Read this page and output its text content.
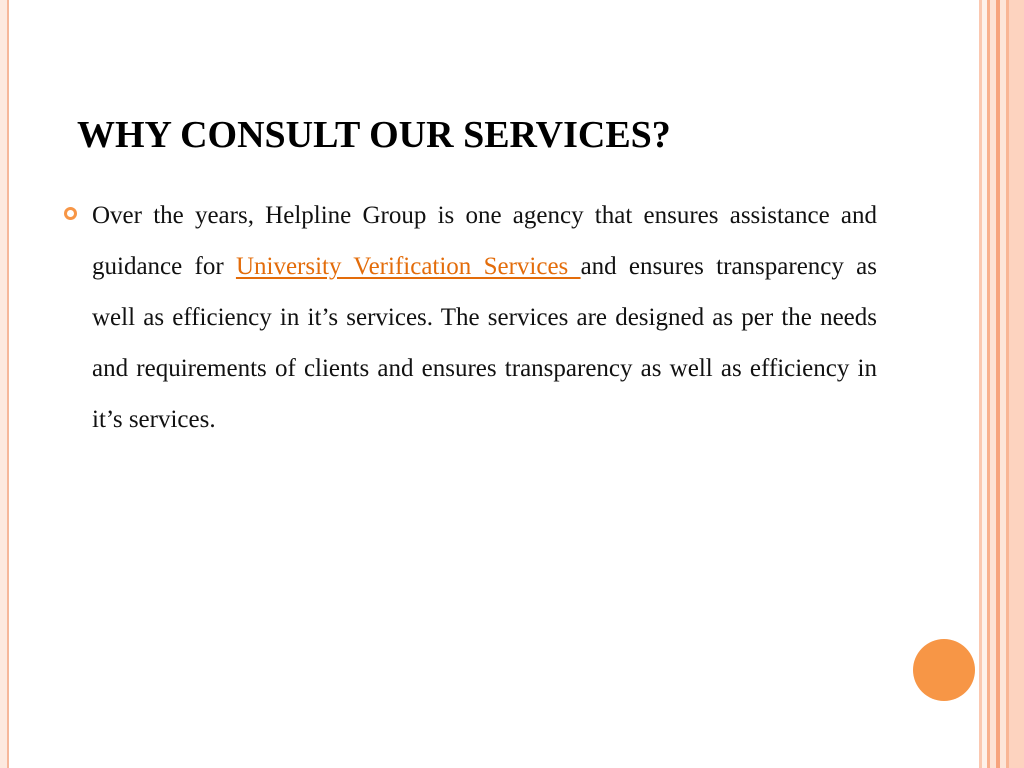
WHY CONSULT OUR SERVICES?

Over the years, Helpline Group is one agency that ensures assistance and guidance for University Verification Services and ensures transparency as well as efficiency in it’s services. The services are designed as per the needs and requirements of clients and ensures transparency as well as efficiency in it’s services.
